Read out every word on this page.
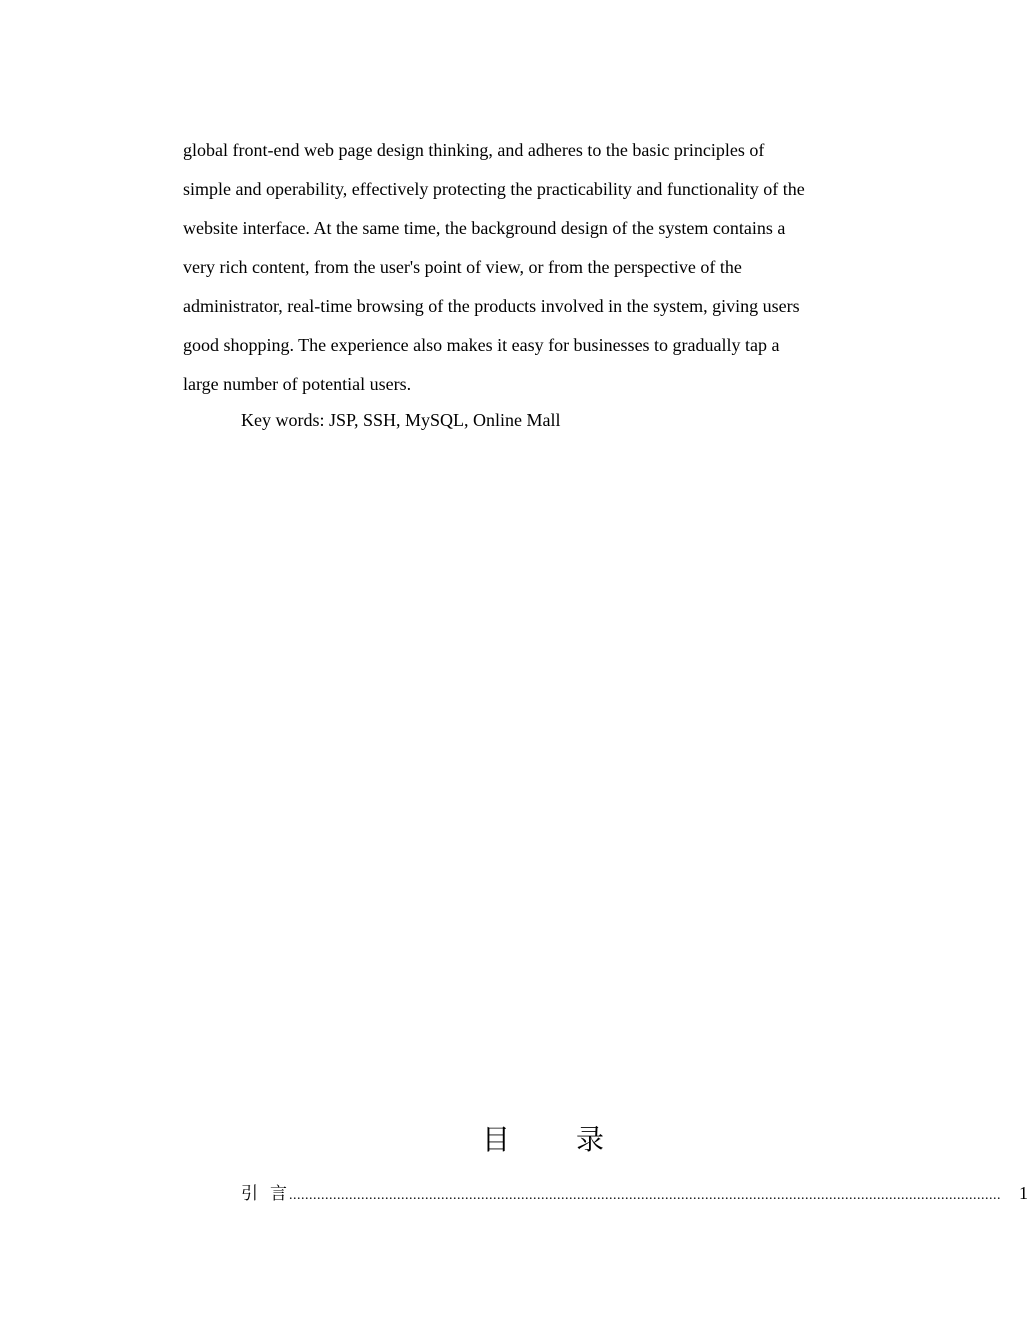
global front-end web page design thinking, and adheres to the basic principles of
simple and operability, effectively protecting the practicability and functionality of the
website interface. At the same time, the background design of the system contains a
very rich content, from the user's point of view, or from the perspective of the
administrator, real-time browsing of the products involved in the system, giving users
good shopping. The experience also makes it easy for businesses to gradually tap a
large number of potential users.
Key words: JSP, SSH, MySQL, Online Mall
目 录
引言
.................................................................................................................................................................................. 1
